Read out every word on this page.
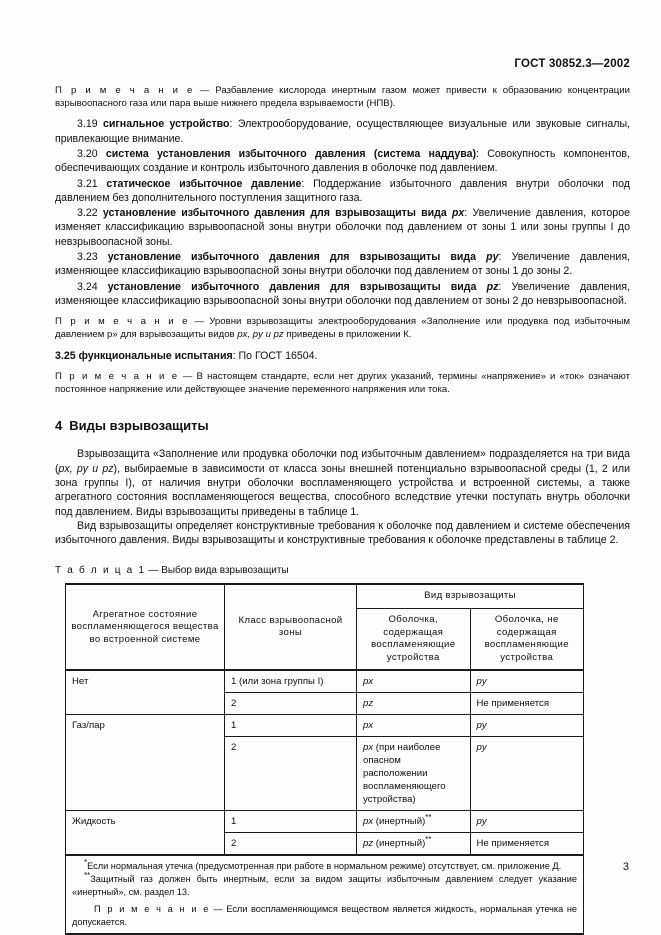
ГОСТ 30852.3—2002

П р и м е ч а н и е — Разбавление кислорода инертным газом может привести к образованию концентрации взрывоопасного газа или пара выше нижнего предела взрываемости (НПВ).

3.19 сигнальное устройство: Электрооборудование, осуществляющее визуальные или звуковые сигналы, привлекающие внимание.

3.20 система установления избыточного давления (система наддува): Совокупность компонентов, обеспечивающих создание и контроль избыточного давления в оболочке под давлением.

3.21 статическое избыточное давление: Поддержание избыточного давления внутри оболочки под давлением без дополнительного поступления защитного газа.

3.22 установление избыточного давления для взрывозащиты вида px: Увеличение давления, которое изменяет классификацию взрывоопасной зоны внутри оболочки под давлением от зоны 1 или зоны группы I до невзрывоопасной зоны.

3.23 установление избыточного давления для взрывозащиты вида py: Увеличение давления, изменяющее классификацию взрывоопасной зоны внутри оболочки под давлением от зоны 1 до зоны 2.

3.24 установление избыточного давления для взрывозащиты вида pz: Увеличение давления, изменяющее классификацию взрывоопасной зоны внутри оболочки под давлением от зоны 2 до невзрывоопасной.

П р и м е ч а н и е — Уровни взрывозащиты электрооборудования «Заполнение или продувка под избыточным давлением p» для взрывозащиты видов px, py и pz приведены в приложении К.

3.25 функциональные испытания: По ГОСТ 16504.

П р и м е ч а н и е — В настоящем стандарте, если нет других указаний, термины «напряжение» и «ток» означают постоянное напряжение или действующее значение переменного напряжения или тока.

4 Виды взрывозащиты

Взрывозащита «Заполнение или продувка оболочки под избыточным давлением» подразделяется на три вида (px, py и pz), выбираемые в зависимости от класса зоны внешней потенциально взрывоопасной среды (1, 2 или зона группы I), от наличия внутри оболочки воспламеняющего устройства и встроенной системы, а также агрегатного состояния воспламеняющегося вещества, способного вследствие утечки поступать внутрь оболочки под давлением. Виды взрывозащиты приведены в таблице 1.

Вид взрывозащиты определяет конструктивные требования к оболочке под давлением и системе обеспечения избыточного давления. Виды взрывозащиты и конструктивные требования к оболочке представлены в таблице 2.

Т а б л и ц а 1 — Выбор вида взрывозащиты
Агрегатное состояние воспламеняющегося вещества во встроенной системе	Класс взрывоопасной зоны	Вид взрывозащиты	
		Оболочка, содержащая воспламеняющие устройства	Оболочка, не содержащая воспламеняющие устройства
Нет	1 (или зона группы I)	px	py
	2	pz	Не применяется
Газ/пар	1	px	py
	2	px (при наиболее опасном расположении воспламеняющего устройства)	py
Жидкость	1	px (инертный)**	py
	2	pz (инертный)**	Не применяется

*Если нормальная утечка (предусмотренная при работе в нормальном режиме) отсутствует, см. приложение Д.

**Защитный газ должен быть инертным, если за видом защиты избыточным давлением следует указание «инертный», см. раздел 13.

П р и м е ч а н и е — Если воспламеняющимся веществом является жидкость, нормальная утечка не допускается.			

3
